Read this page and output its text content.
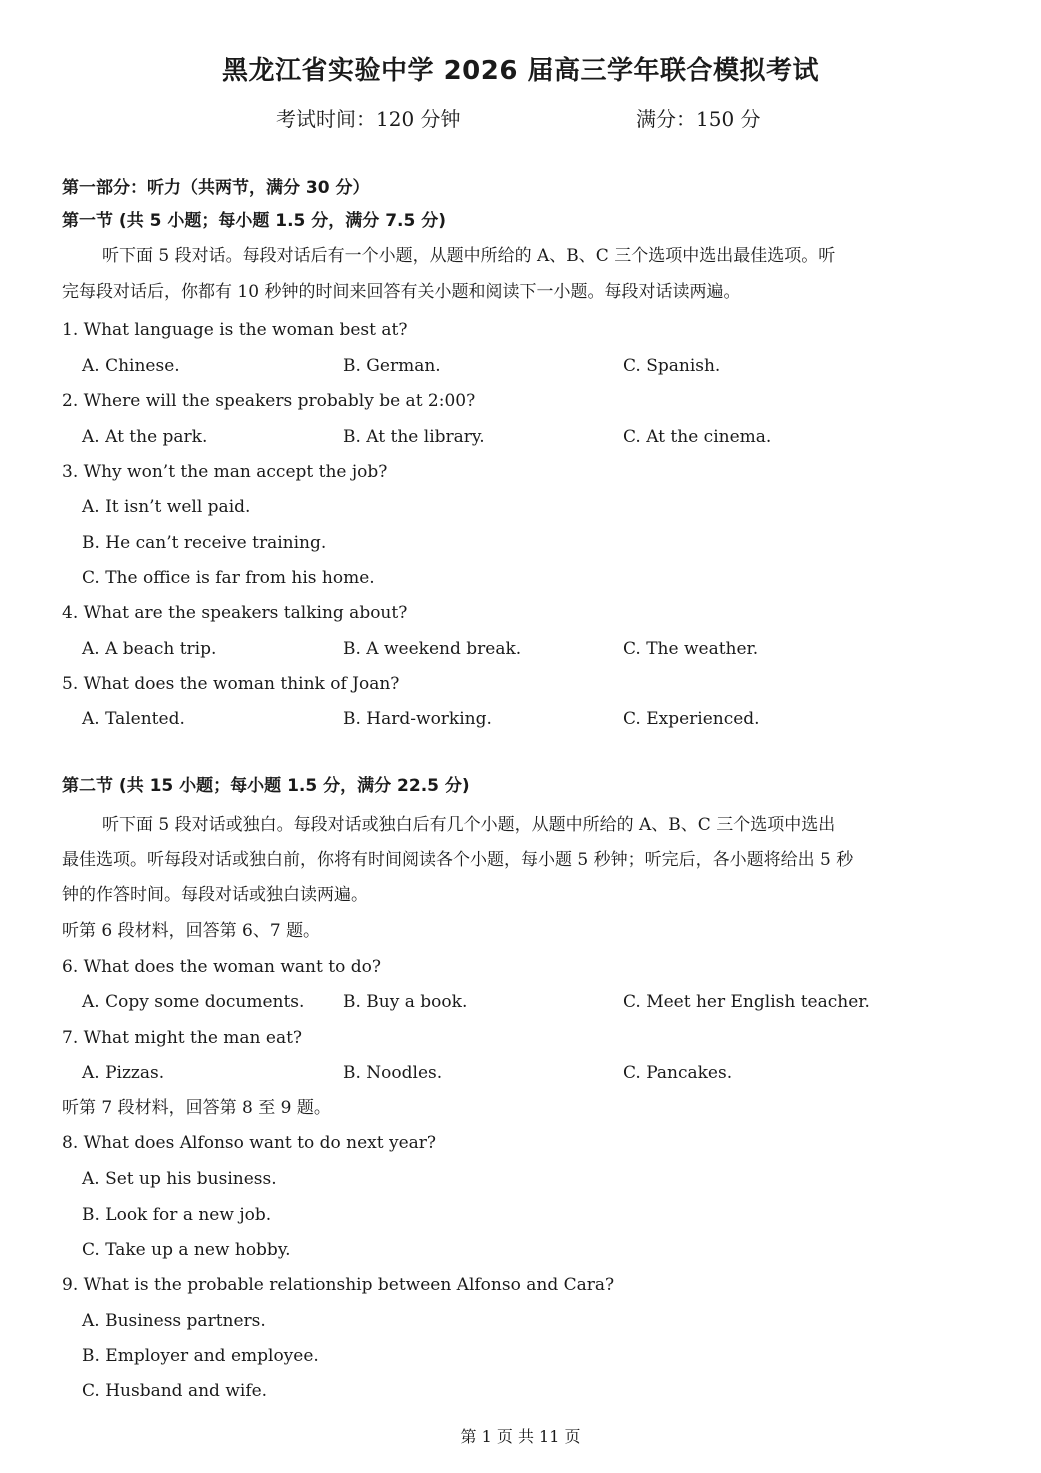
黑龙江省实验中学 2026 届高三学年联合模拟考试
考试时间：120 分钟	满分：150 分
第一部分：听力（共两节，满分 30 分）
第一节 (共 5 小题；每小题 1.5 分，满分 7.5 分)
听下面 5 段对话。每段对话后有一个小题，从题中所给的 A、B、C 三个选项中选出最佳选项。听
完每段对话后，你都有 10 秒钟的时间来回答有关小题和阅读下一小题。每段对话读两遍。
1. What language is the woman best at?
A. Chinese.	B. German.	C. Spanish.
2. Where will the speakers probably be at 2:00?
A. At the park.	B. At the library.	C. At the cinema.
3. Why won’t the man accept the job?
A. It isn’t well paid.
B. He can’t receive training.
C. The office is far from his home.
4. What are the speakers talking about?
A. A beach trip.	B. A weekend break.	C. The weather.
5. What does the woman think of Joan?
A. Talented.	B. Hard-working.	C. Experienced.
第二节 (共 15 小题；每小题 1.5 分，满分 22.5 分)
听下面 5 段对话或独白。每段对话或独白后有几个小题，从题中所给的 A、B、C 三个选项中选出
最佳选项。听每段对话或独白前，你将有时间阅读各个小题，每小题 5 秒钟；听完后，各小题将给出 5 秒
钟的作答时间。每段对话或独白读两遍。
听第 6 段材料，回答第 6、7 题。
6. What does the woman want to do?
A. Copy some documents. B. Buy a book.	C. Meet her English teacher.
7. What might the man eat?
A. Pizzas.	B. Noodles.	C. Pancakes.
听第 7 段材料，回答第 8 至 9 题。
8. What does Alfonso want to do next year?
A. Set up his business.
B. Look for a new job.
C. Take up a new hobby.
9. What is the probable relationship between Alfonso and Cara?
A. Business partners.
B. Employer and employee.
C. Husband and wife.
第 1 页 共 11 页
